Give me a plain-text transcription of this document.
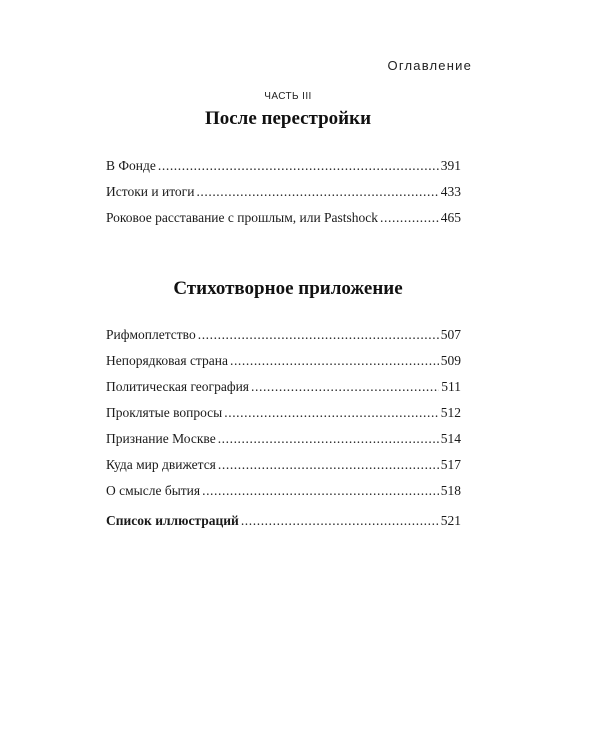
Оглавление
ЧАСТЬ III
После перестройки
В Фонде .....	391
Истоки и итоги .....	433
Роковое расставание с прошлым, или Pastshock .....	465
Стихотворное приложение
Рифмоплетство .....	507
Непорядковая страна .....	509
Политическая география .....	511
Проклятые вопросы .....	512
Признание Москве .....	514
Куда мир движется .....	517
О смысле бытия .....	518
Список иллюстраций .....	521
